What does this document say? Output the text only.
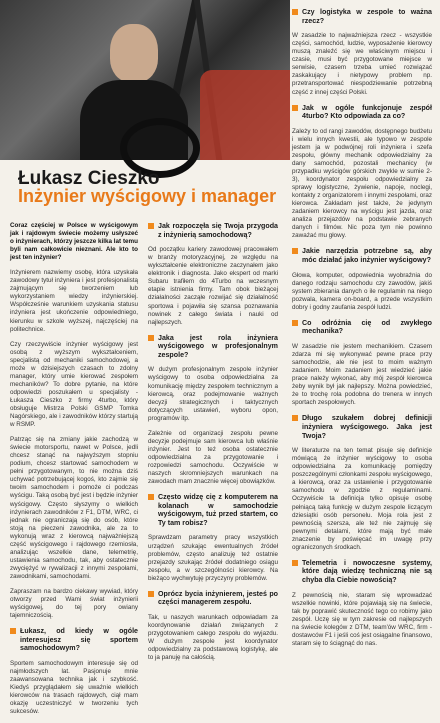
Łukasz Cieszko
Inżynier wyścigowy i manager

Coraz częściej w Polsce w wyścigowym jak i rajdowym świecie możemy usłyszeć o inżynierach, którzy jeszcze kilka lat temu byli nam całkowicie nieznani. Ale kto to jest ten inżynier?

Inżynierem nazwiemy osobę, która uzyskała zawodowy tytuł inżyniera i jest profesjonalistą zajmującym się tworzeniem lub wykorzystaniem wiedzy inżynierskiej. Współcześnie warunkiem uzyskania statusu inżyniera jest ukończenie odpowiedniego, kierunku w szkole wyższej, najczęściej na politechnice.

Czy rzeczywiście inżynier wyścigowy jest osobą z wyższym wykształceniem, specjalistą od mechaniki samochodowej, a może w dzisiejszych czasach to zdolny manager, który umie kierować zespołem mechaników? To dobre pytanie, na które odpowiedzi poszukałem u specjalisty - Łukasza Cieszko z firmy 4turbo, który obsługuje Mistrza Polski GSMP Tomka Nagórskiego, ale i zawodników którzy startują w RSMP.

Patrząc się na zmiany jakie zachodzą w świecie motorsportu, nawet w Polsce, jedli chcesz stanąć na najwyższym stopniu podium, chcesz startować samochodem w pełni przygotowanym, to nie można dziś uchywać potrzebującej kogoś, kto zajmie się twoim samochodem i pomoże ci podczas wyścigu. Taką osobą być jest i będzie inżynier wyścigowy. Często słyszymy o wielkich inżynierach zawodników z F1, DTM, WRC, ci jednak nie ograniczają się do osób, które stoją na pieczeni zawodnika, ale za to wykonują wraz z kierowcą najważniejszą część wyścigowego i rajdowego rzemiosła, analizując wszelkie dane, telemetrię, ustawienia samochodu, tak, aby ostatecznie zwyciężyć w rywalizacji z innymi zespołami, zawodnikami, samochodami.

Zapraszam na bardzo ciekawy wywiad, który otworzy przed Wami świat inżynierii wyścigowej, do tej pory owiany tajemniczością.

Łukasz, od kiedy w ogóle interesujesz się sportem samochodowym?

Sportem samochodowym interesuje się od najmłodszych lat. Pasjonuje mnie zaawansowana technika jak i szybkość. Kiedyś przyglądałem się uważnie wielkich kierowców na trasach rajdowych, ciął mam okazję uczestniczyć w tworzeniu tych sukcesów.

Jak rozpoczęła się Twoja przygoda z inżynierią samochodową?

Od początku kariery zawodowej pracowałem w branży motoryzacyjnej, ze względu na wykształcenie elektroniczne zaczynałem jako elektronik i diagnosta. Jako ekspert od marki Subaru trafiłem do 4Turbo na wczesnym etapie istnienia firmy. Tam obok bieżącej działalności zacząłe rozwijać się działalność sportowa i pojawiła się szansa poznawania nowinek z całego świata i nauki od najlepszych.

Jaka jest rola inżyniera wyścigowego w profesjonalnym zespole?

W dużym profesjonalnym zespole inżynier wyścigowy to osoba odpowiedzialna za komunikację między zespołem technicznym a kierowcą, oraz podejmowanie ważnych decyzji strategicznych i taktycznych dotyczących ustawień, wyboru opon, programów itp.

Zależnie od organizacji zespołu pewne decyzje podejmuje sam kierowca lub właśnie inżynier. Jest to też osoba ostatecznie odpowiedzialna za przygotowanie i rozpowiedzi samochodu. Oczywiście w naszych skromniejszych warunkach na zawodach mam znacznie więcej obowiązków.

Często widzę cię z komputerem na kolanach w samochodzie wyścigowym, tuż przed startem, co Ty tam robisz?

Sprawdzam parametry pracy wszystkich urządzeń szukając ewentualnych źródeł problemów, często analizuję też ostatnie przejazdy szukając źródeł dodatniego osiągu zespołu, a w szczególności kierowcy. Na bieżąco wychwytuję przyczyny problemów.

Oprócz bycia inżynierem, jesteś po części managerem zespołu.

Tak, u naszych warunkach odpowiadam za koordynowanie działań związanych z przygotowaniem całego zespołu do wyjazdu. W dużym zespole jest koordynator odpowiedzialny za podstawową logistykę, ale to ja panuję na całością.

Czy logistyka w zespole to ważna rzecz?

W zasadzie to najważniejsza rzecz - wszystkie części, samochód, ludzie, wyposażenie kierowcy muszą znaleźć się we właściwym miejscu i czasie, musi być przygotowane miejsce w serwisie, czasem trzeba umieć rozwiązać zaskakujący i nietypowy problem np. przetransportować niespodziewanie potrzebną część z innej części Polski.

Jak w ogóle funkcjonuje zespół 4turbo? Kto odpowiada za co?

Zależy to od rangi zawodów, dostępnego budżetu i wielu innych kwestii, ale typowo w zespole jestem ja w podwójnej roli inżyniera i szefa zespołu, główny mechanik odpowiedzialny za dany samochód, pozostali mechanicy (w przypadku wyścigów górskich zwykle w sumie 2-3), koordynator zespołu odpowiedzialny za sprawy logistyczne, żywienie, napoje, noclegi, kontakty z organizatorem i innymi zespołami, oraz kierowca. Zakładam jest także, że jedynym zadaniem kierowcy na wyścigu jest jazda, oraz analiza przejazdów na podstawie zebranych danych i filmów. Nic poza tym nie powinno zaważać mu głowy.

Jakie narzędzia potrzebne są, aby móc działać jako inżynier wyścigowy?

Głowa, komputer, odpowiednia wyobraźnia do danego rodzaju samochodu czy zawodów, jakiś system zbierania danych o ile regulamin na niego pozwala, kamera on-board, a przede wszystkim dobry i godny zaufania zespół ludzi.

Co odróżnia cię od zwykłego mechanika?

W zasadzie nie jestem mechanikiem. Czasem zdarza mi się wykonywać pewne prace przy samochodzie, ale nie jest to moim ważnym zadaniem. Moim zadaniem jest wiedzieć jakie prace należy wykonać, aby mój zespół kierowca żeby wynik był jak najlepszy. Można powiedzieć, że to trochę rola podobna do trenera w innych sportach zespołowych.

Długo szukałem dobrej definicji inżyniera wyścigowego. Jaka jest Twoja?

W literaturze na ten temat pisuje się definicje mówiącą że inżynier wyścigowy to osoba odpowiedzialna za komunikację pomiędzy poszczególnymi członkami zespołu wyścigowego, a kierowcą, oraz za ustawienie i przygotowanie samochodu w zgodzie z regulaminami. Oczywiście ta definicja tylko opisuje osobę pełniącą taką funkcję w dużym zespole liczącym dziesiątki osób personelu. Moja rola jest z pewnością szersza, ale też nie zajmuję się pewnymi detalami, które mają być małe znaczenie by poświęcać im uwagę przy ograniczonych środkach.

Telemetria i nowoczesne systemy, które dają wiedzę techniczną nie są chyba dla Ciebie nowością?

Z pewnością nie, staram się wprowadzać wszelkie nowinki, które pojawiają się na świecie, tak by poprawić skuteczność tego co robimy jako zespół. Uczę się w tym zakresie od najlepszych na świecie kolegów z DTM, team'ów WRC, firm - dostawców F1 i jeśli coś jest osiągalne finansowo, staram się to ściągnąć do nas.
